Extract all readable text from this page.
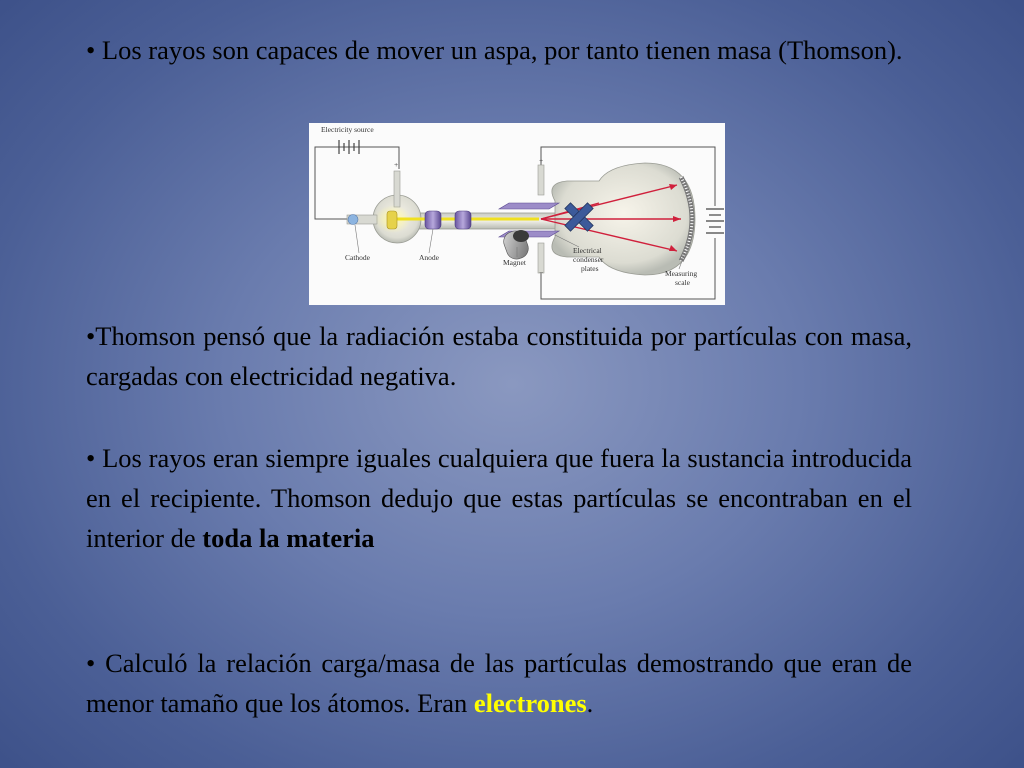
• Los rayos son capaces de mover un aspa, por tanto tienen masa (Thomson).

+	+
−
Electricity source
Cathode	Anode
Magnet
Electrical
condenser
plates
Measuring
scale

•Thomson pensó que la radiación estaba constituida por partículas con masa, cargadas con electricidad negativa.

• Los rayos eran siempre iguales cualquiera que fuera la sustancia introducida en el recipiente. Thomson dedujo que estas partículas se encontraban en el interior de toda la materia

• Calculó la relación carga/masa de las partículas demostrando que eran de menor tamaño que los átomos. Eran electrones.
